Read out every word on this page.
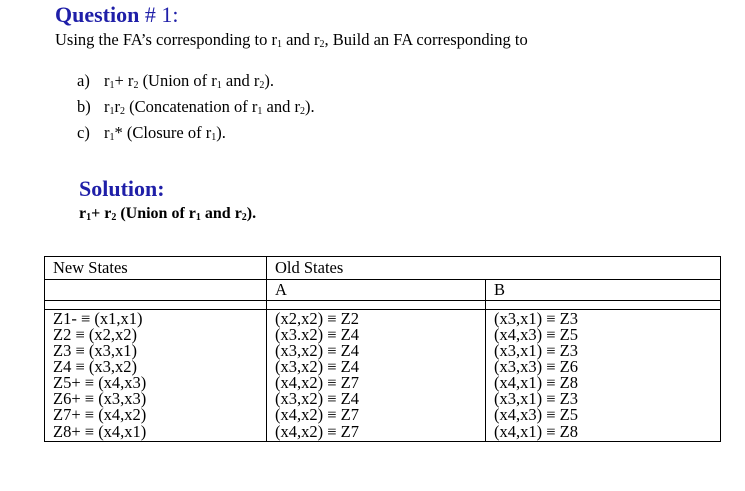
Question # 1:
Using the FA’s corresponding to $r_1$ and $r_2$, Build an FA corresponding to
a) $r_1+ r_2$ (Union of $r_1$ and $r_2$).
b) $r_1r_2$ (Concatenation of $r_1$ and $r_2$).
c) $r_1*$ (Closure of $r_1$).
Solution:
$r_1+ r_2$ (Union of $r_1$ and $r_2$).
New States	Old States	
	A	B

Z1- ≡ (x1,x1)	(x2,x2) ≡ Z2	(x3,x1) ≡ Z3
Z2 ≡ (x2,x2)	(x3.x2) ≡ Z4	(x4,x3) ≡ Z5
Z3 ≡ (x3,x1)	(x3,x2) ≡ Z4	(x3,x1) ≡ Z3
Z4 ≡ (x3,x2)	(x3,x2) ≡ Z4	(x3,x3) ≡ Z6
Z5+ ≡ (x4,x3)	(x4,x2) ≡ Z7	(x4,x1) ≡ Z8
Z6+ ≡ (x3,x3)	(x3,x2) ≡ Z4	(x3,x1) ≡ Z3
Z7+ ≡ (x4,x2)	(x4,x2) ≡ Z7	(x4,x3) ≡ Z5
Z8+ ≡ (x4,x1)	(x4,x2) ≡ Z7	(x4,x1) ≡ Z8
